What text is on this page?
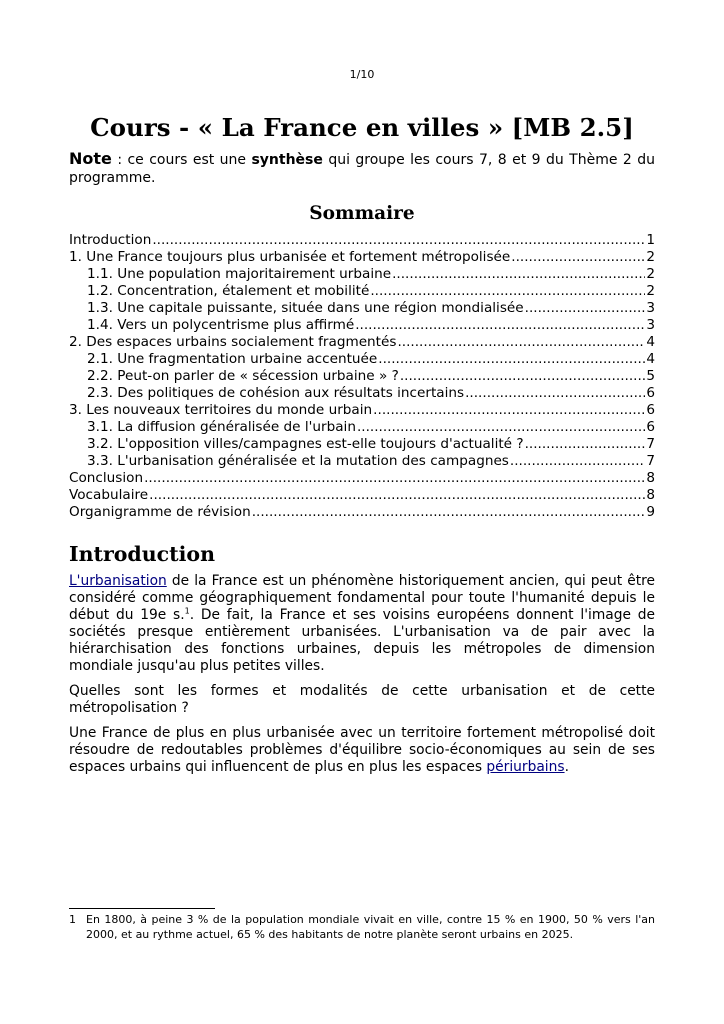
1/10
Cours - « La France en villes » [MB 2.5]

Note : ce cours est une synthèse qui groupe les cours 7, 8 et 9 du Thème 2 du programme.

Sommaire
Introduction .....	1
1. Une France toujours plus urbanisée et fortement métropolisée .....	2
1.1. Une population majoritairement urbaine .....	2
1.2. Concentration, étalement et mobilité .....	2
1.3. Une capitale puissante, située dans une région mondialisée .....	3
1.4. Vers un polycentrisme plus affirmé .....	3
2. Des espaces urbains socialement fragmentés .....	4
2.1. Une fragmentation urbaine accentuée .....	4
2.2. Peut-on parler de « sécession urbaine » ? .....	5
2.3. Des politiques de cohésion aux résultats incertains .....	6
3. Les nouveaux territoires du monde urbain .....	6
3.1. La diffusion généralisée de l'urbain .....	6
3.2. L'opposition villes/campagnes est-elle toujours d'actualité ? .....	7
3.3. L'urbanisation généralisée et la mutation des campagnes .....	7
Conclusion .....	8
Vocabulaire .....	8
Organigramme de révision .....	9
Introduction

L'urbanisation de la France est un phénomène historiquement ancien, qui peut être considéré comme géographiquement fondamental pour toute l'humanité depuis le début du 19e s.$^1$. De fait, la France et ses voisins européens donnent l'image de sociétés presque entièrement urbanisées. L'urbanisation va de pair avec la hiérarchisation des fonctions urbaines, depuis les métropoles de dimension mondiale jusqu'au plus petites villes.

Quelles sont les formes et modalités de cette urbanisation et de cette métropolisation ?

Une France de plus en plus urbanisée avec un territoire fortement métropolisé doit résoudre de redoutables problèmes d'équilibre socio-économiques au sein de ses espaces urbains qui influencent de plus en plus les espaces périurbains.

1 En 1800, à peine 3 % de la population mondiale vivait en ville, contre 15 % en 1900, 50 % vers l'an 2000, et au rythme actuel, 65 % des habitants de notre planète seront urbains en 2025.
